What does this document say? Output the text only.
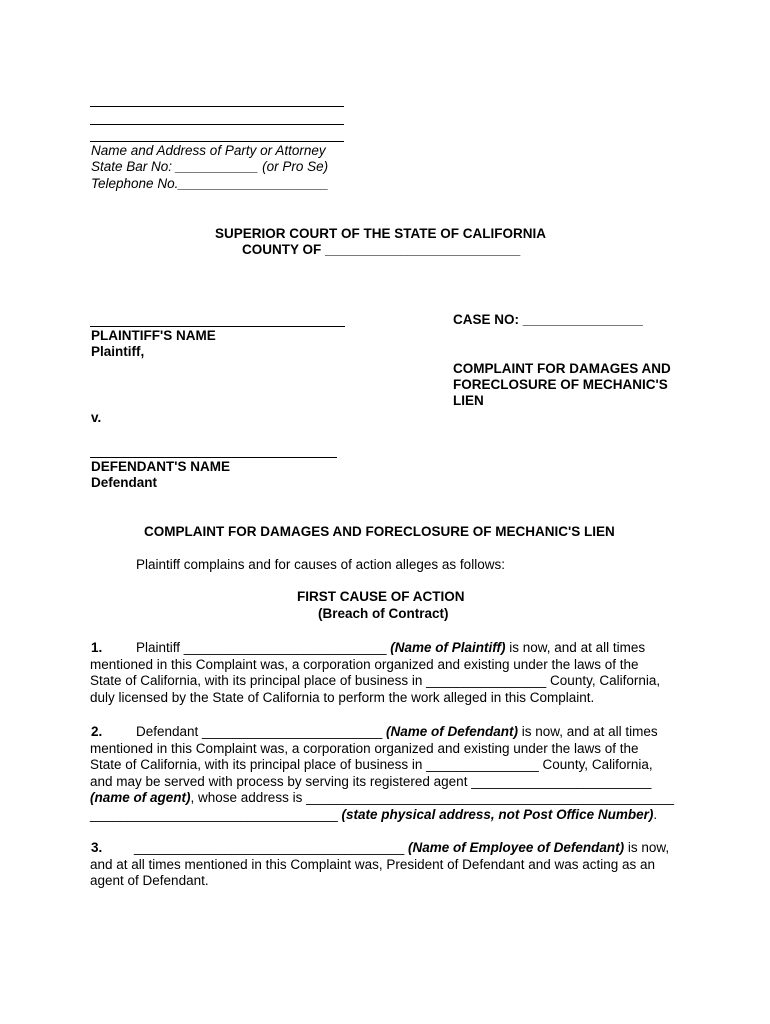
Name and Address of Party or Attorney
State Bar No: ___________ (or Pro Se)
Telephone No.____________________
SUPERIOR COURT OF THE STATE OF CALIFORNIA
COUNTY OF __________________________
PLAINTIFF'S NAME
Plaintiff,
v.
DEFENDANT'S NAME
Defendant
CASE NO: ________________
COMPLAINT FOR DAMAGES AND
FORECLOSURE OF MECHANIC'S
LIEN
COMPLAINT FOR DAMAGES AND FORECLOSURE OF MECHANIC'S LIEN
Plaintiff complains and for causes of action alleges as follows:
FIRST CAUSE OF ACTION
(Breach of Contract)
1.	Plaintiff ___________________________ (Name of Plaintiff) is now, and at all times
mentioned in this Complaint was, a corporation organized and existing under the laws of the
State of California, with its principal place of business in ________________ County, California,
duly licensed by the State of California to perform the work alleged in this Complaint.
2.	Defendant ________________________ (Name of Defendant) is now, and at all times
mentioned in this Complaint was, a corporation organized and existing under the laws of the
State of California, with its principal place of business in _______________ County, California,
and may be served with process by serving its registered agent ________________________
(name of agent), whose address is _________________________________________________
_________________________________ (state physical address, not Post Office Number).
3.	____________________________________ (Name of Employee of Defendant) is now,
and at all times mentioned in this Complaint was, President of Defendant and was acting as an
agent of Defendant.
